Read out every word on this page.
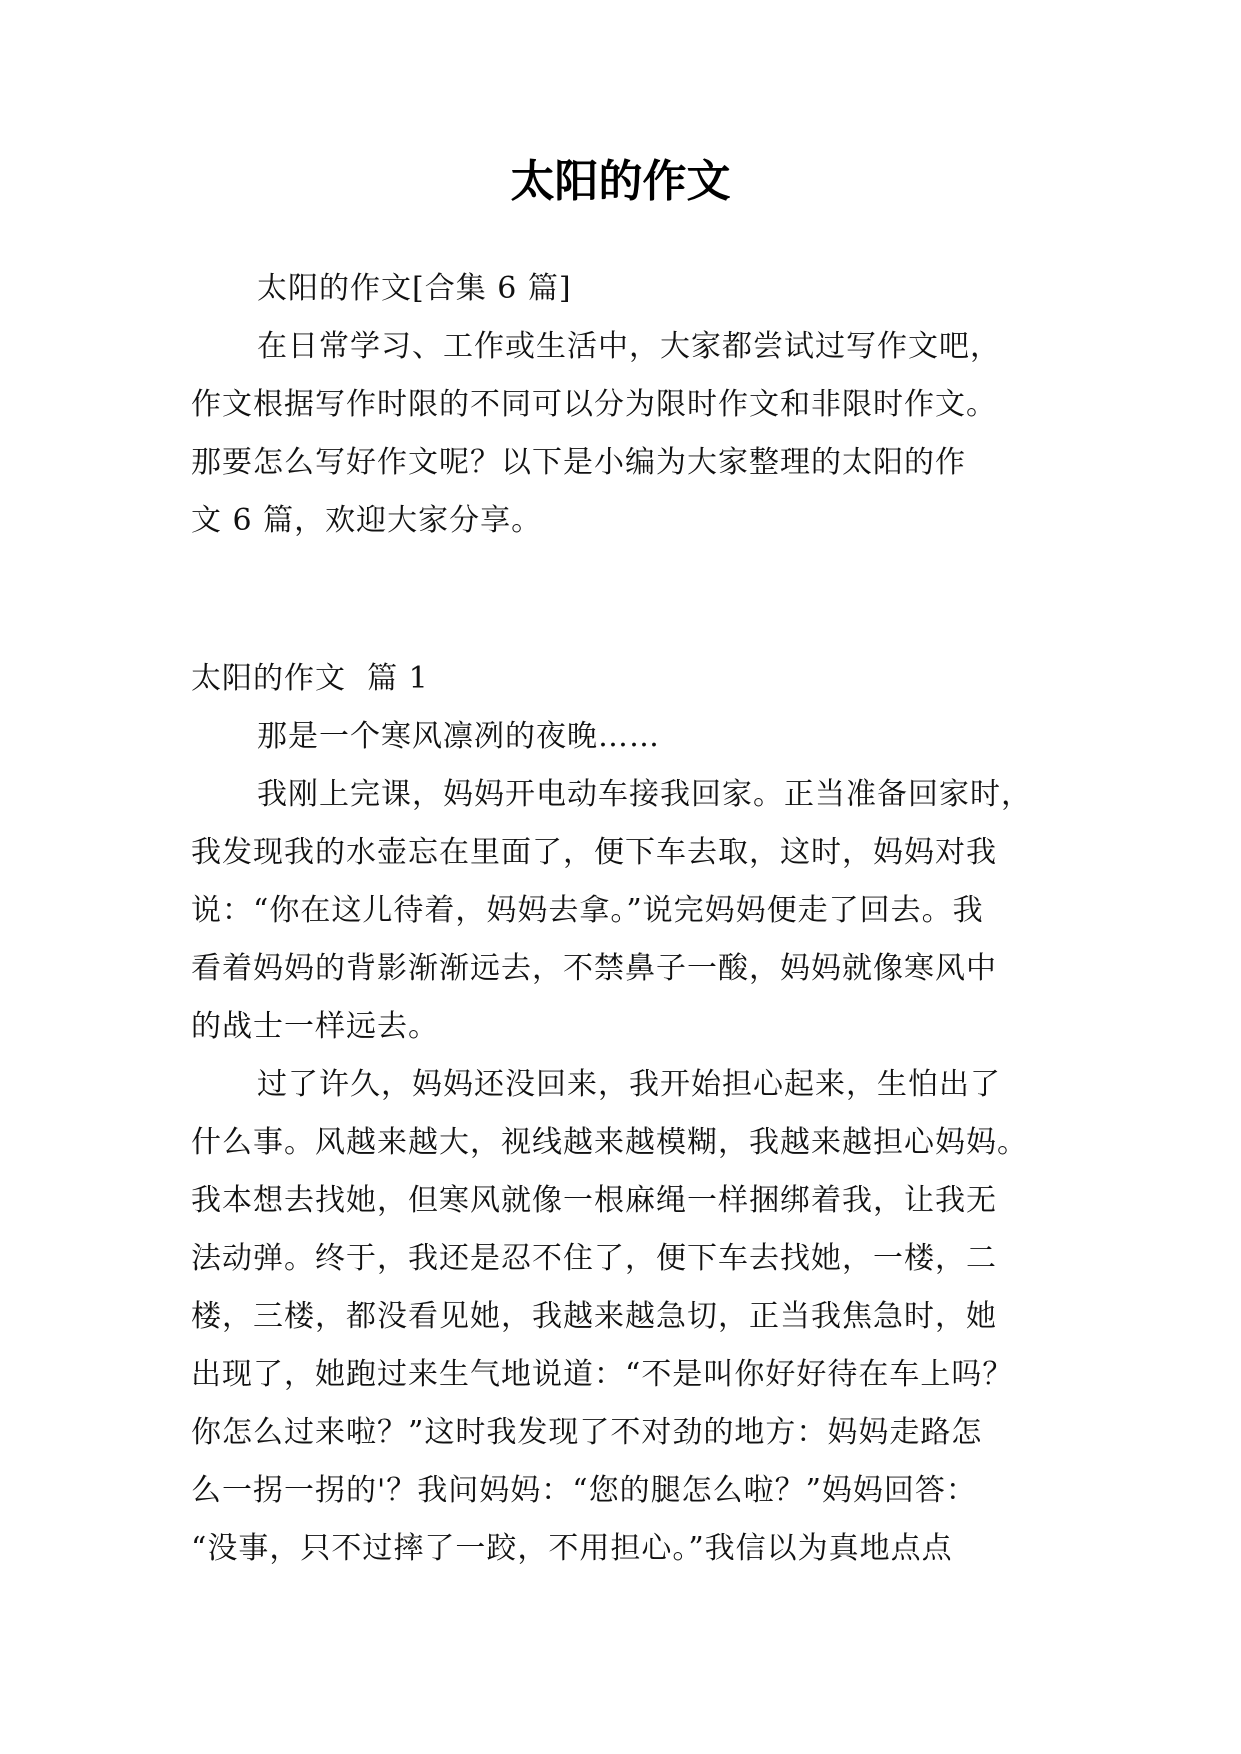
太阳的作文
太阳的作文[合集 6 篇]
在日常学习、工作或生活中，大家都尝试过写作文吧，
作文根据写作时限的不同可以分为限时作文和非限时作文。
那要怎么写好作文呢？以下是小编为大家整理的太阳的作
文 6 篇，欢迎大家分享。
太阳的作文  篇 1
那是一个寒风凛冽的夜晚……
我刚上完课，妈妈开电动车接我回家。正当准备回家时，
我发现我的水壶忘在里面了，便下车去取，这时，妈妈对我
说：“你在这儿待着，妈妈去拿。”说完妈妈便走了回去。我
看着妈妈的背影渐渐远去，不禁鼻子一酸，妈妈就像寒风中
的战士一样远去。
过了许久，妈妈还没回来，我开始担心起来，生怕出了
什么事。风越来越大，视线越来越模糊，我越来越担心妈妈。
我本想去找她，但寒风就像一根麻绳一样捆绑着我，让我无
法动弹。终于，我还是忍不住了，便下车去找她，一楼，二
楼，三楼，都没看见她，我越来越急切，正当我焦急时，她
出现了，她跑过来生气地说道：“不是叫你好好待在车上吗？
你怎么过来啦？”这时我发现了不对劲的地方：妈妈走路怎
么一拐一拐的'？我问妈妈：“您的腿怎么啦？”妈妈回答：
“没事，只不过摔了一跤，不用担心。”我信以为真地点点
